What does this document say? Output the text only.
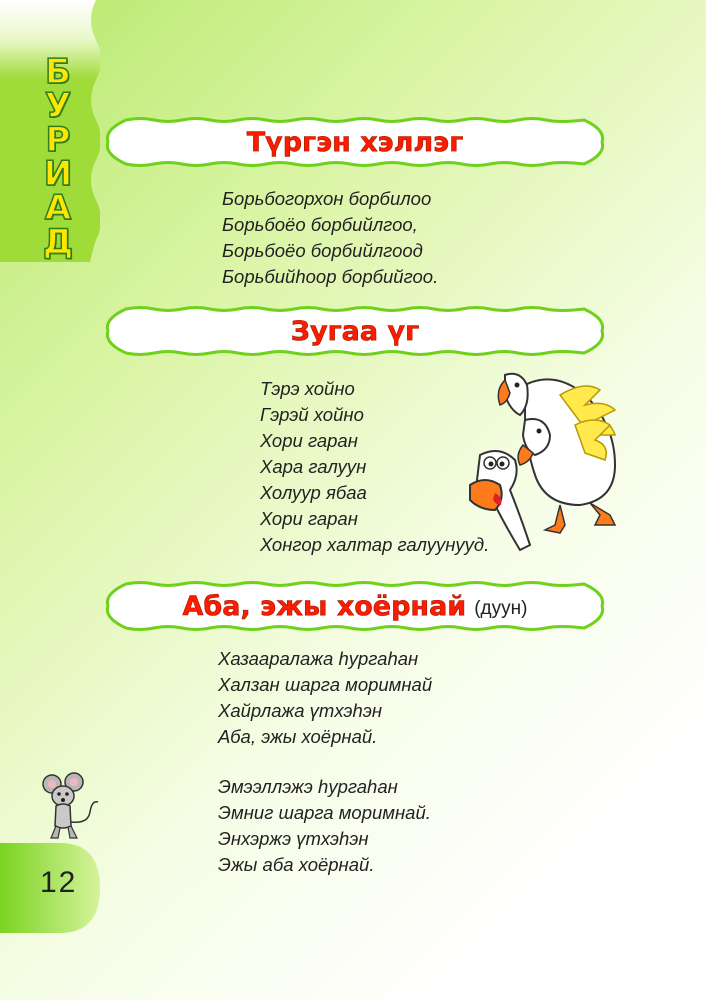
Б
У
Р
И
А
Д
Түргэн хэллэг
Борьбогорхон борбилоо
Борьбоёо борбийлгоо,
Борьбоёо борбийлгоод
Борьбийhoop борбийгоо.
Зугаа үг
Тэрэ хойно
Гэрэй хойно
Хори гаран
Хара галуун
Холуур ябаа
Хори гаран
Хонгор халтар галуунууд.
Аба, эжы хоёрнай (дуун)
Хазааралажа hургаhан
Халзан шарга моримнай
Хайрлажа үтхэhэн
Аба, эжы хоёрнай.
Эмээллэжэ hургаhан
Эмниг шарга моримнай.
Энхэржэ үтхэhэн
Эжы аба хоёрнай.
12
